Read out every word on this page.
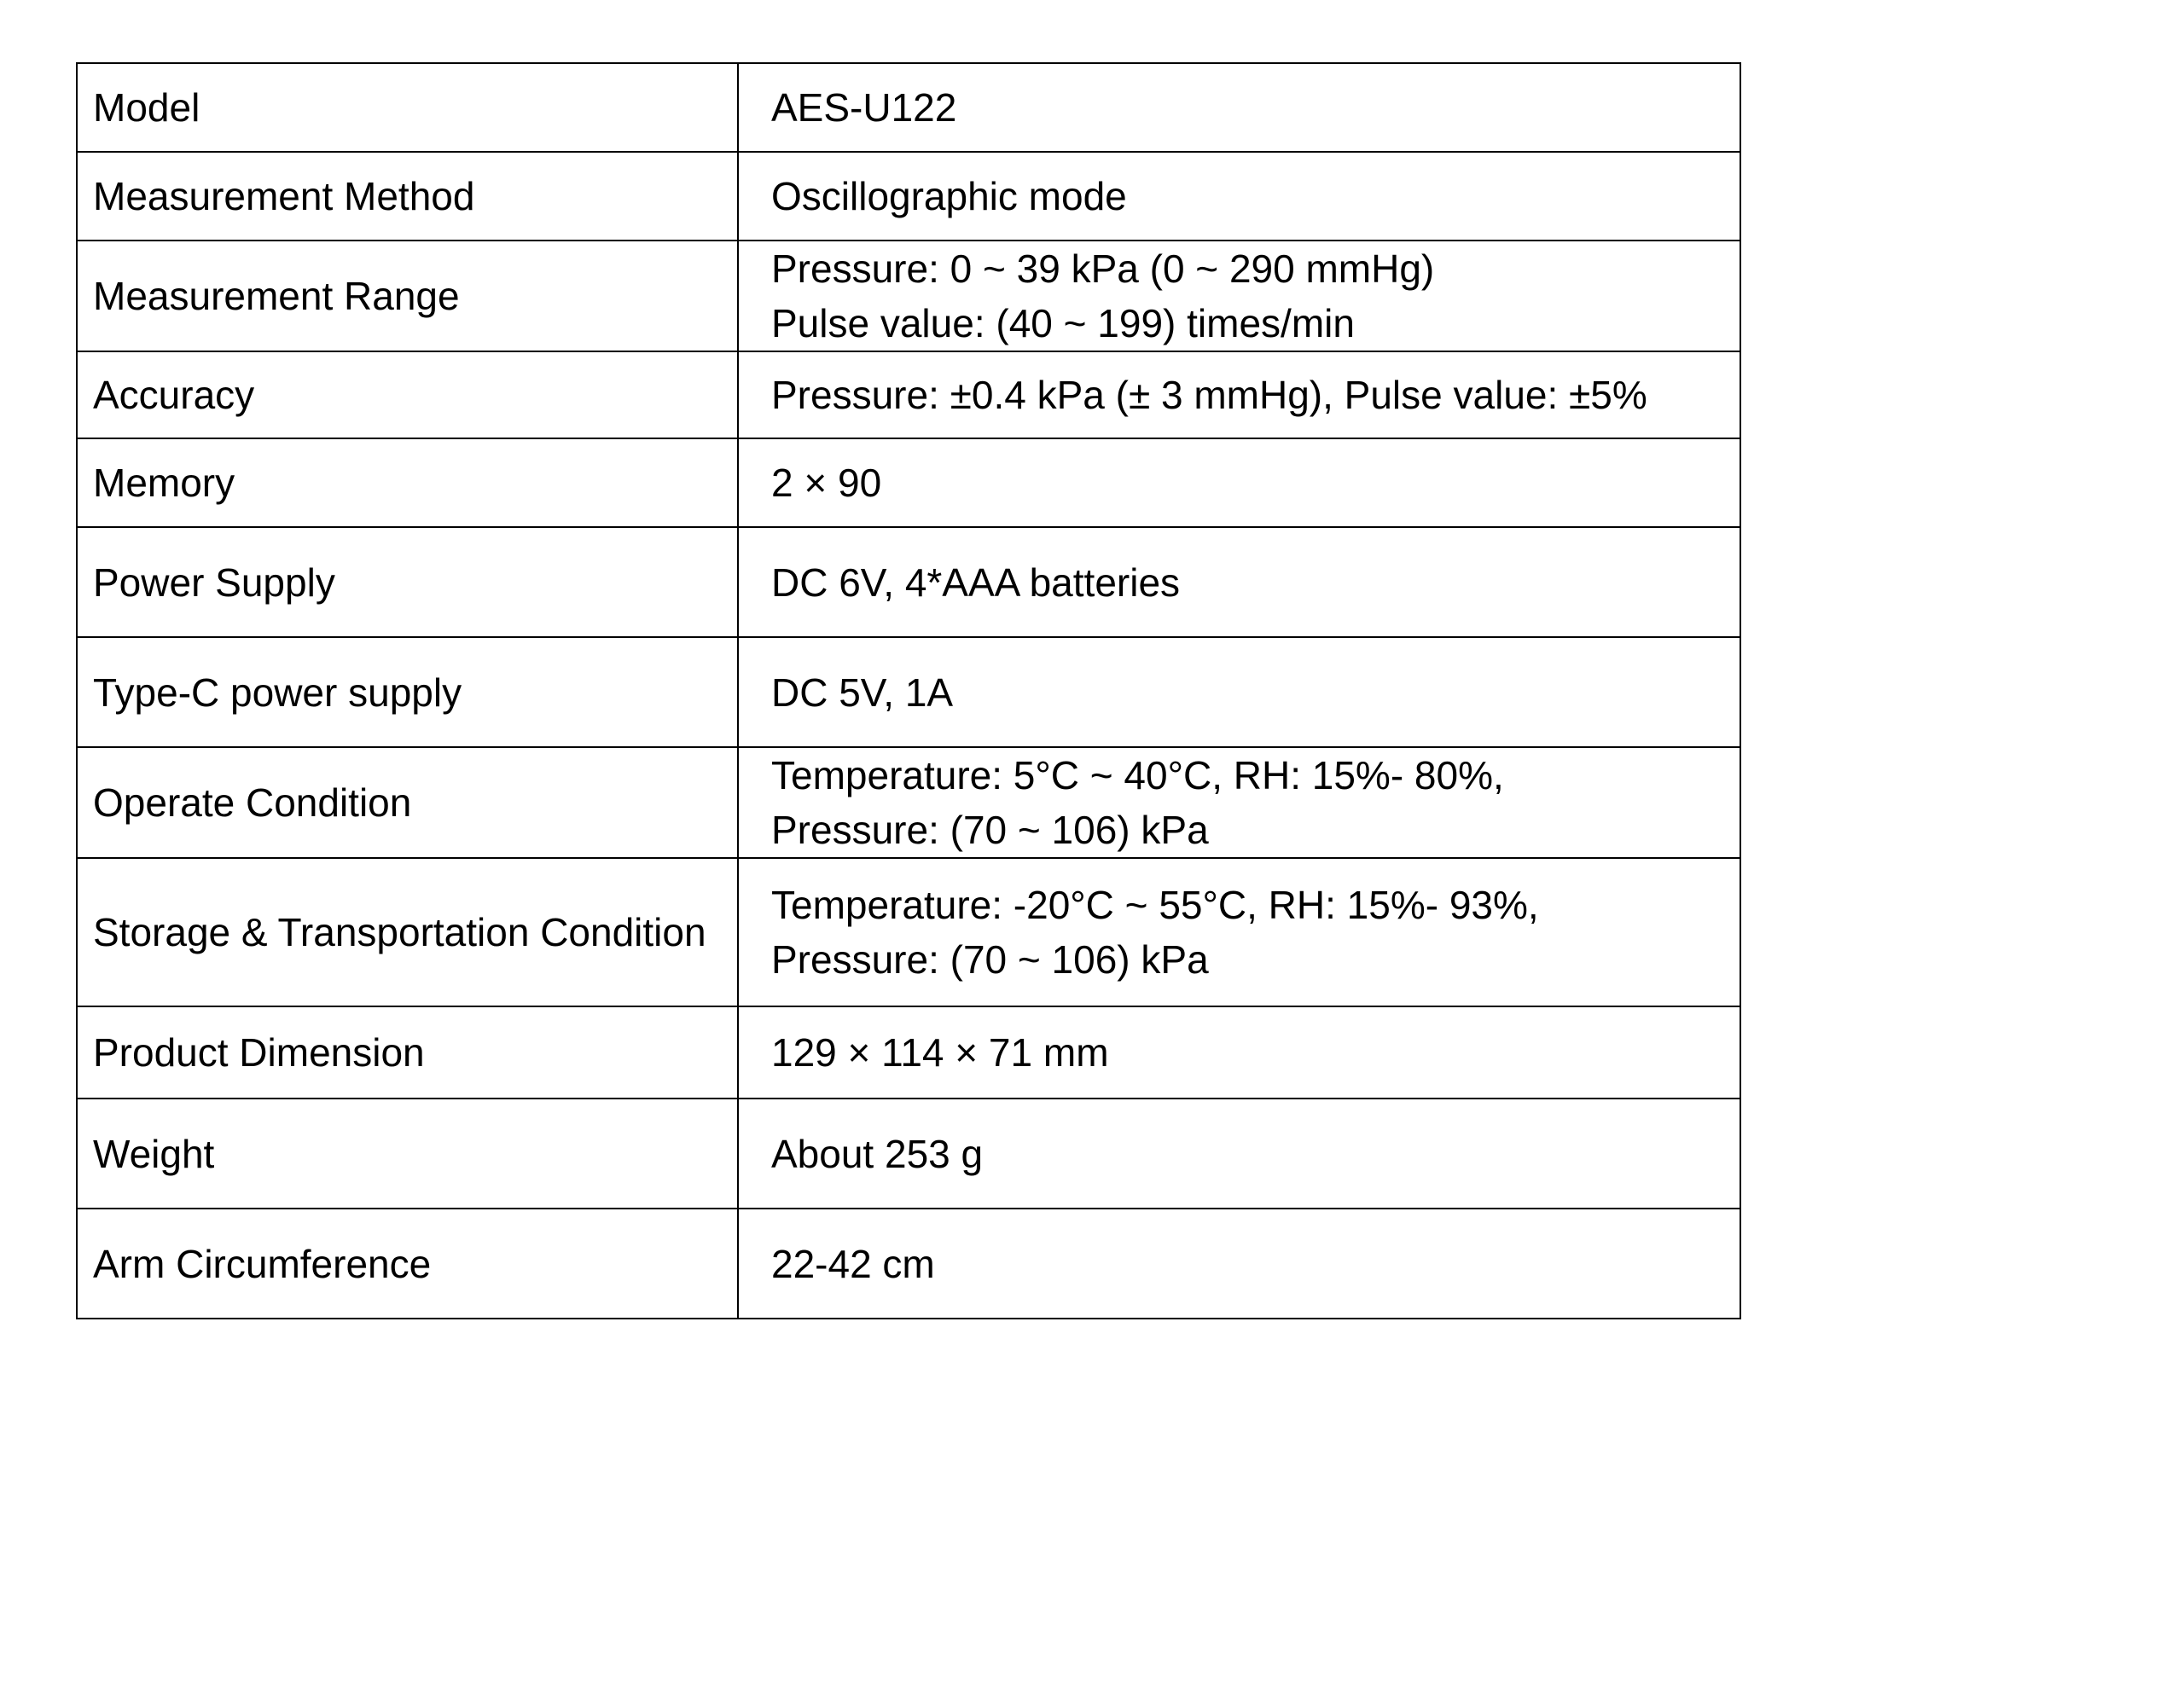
Model	AES-U122

Measurement Method	Oscillographic mode

Measurement Range	Pressure: 0 ~ 39 kPa (0 ~ 290 mmHg)
Pulse value: (40 ~ 199) times/min

Accuracy	Pressure: ±0.4 kPa (± 3 mmHg), Pulse value: ±5%

Memory	2 × 90

Power Supply	DC 6V, 4*AAA batteries

Type-C power supply	DC 5V, 1A

Operate Condition	Temperature: 5°C ~ 40°C, RH: 15%- 80%,
Pressure: (70 ~ 106) kPa

Storage & Transportation Condition	Temperature: -20°C ~ 55°C, RH: 15%- 93%,
Pressure: (70 ~ 106) kPa

Product Dimension	129 × 114 × 71 mm

Weight	About 253 g

Arm Circumference	22-42 cm
